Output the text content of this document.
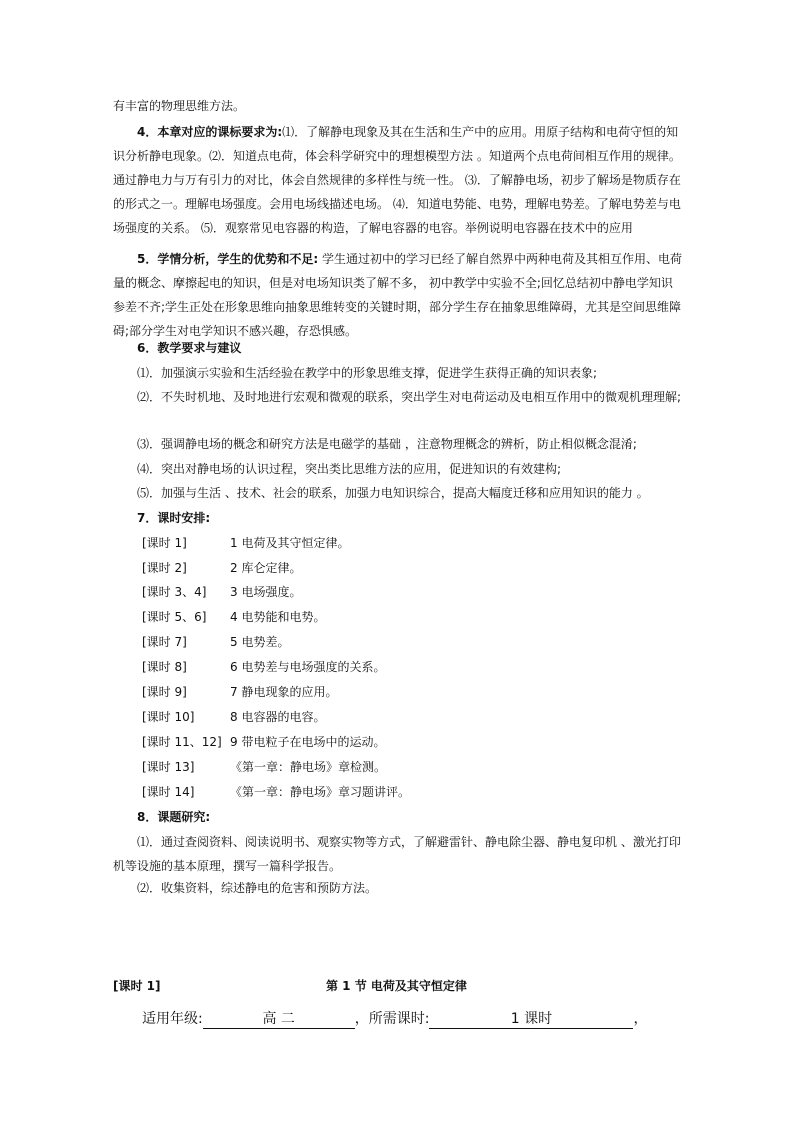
有丰富的物理思维方法。
4．本章对应的课标要求为:⑴．了解静电现象及其在生活和生产中的应用。用原子结构和电荷守恒的知识分析静电现象。⑵．知道点电荷，体会科学研究中的理想模型方法 。知道两个点电荷间相互作用的规律。通过静电力与万有引力的对比，体会自然规律的多样性与统一性。 ⑶．了解静电场，初步了解场是物质存在的形式之一。理解电场强度。会用电场线描述电场。 ⑷．知道电势能、电势，理解电势差。了解电势差与电场强度的关系。 ⑸．观察常见电容器的构造，了解电容器的电容。举例说明电容器在技术中的应用
5．学情分析，学生的优势和不足: 学生通过初中的学习已经了解自然界中两种电荷及其相互作用、电荷量的概念、摩擦起电的知识，但是对电场知识类了解不多， 初中教学中实验不全;回忆总结初中静电学知识参差不齐;学生正处在形象思维向抽象思维转变的关键时期，部分学生存在抽象思维障碍，尤其是空间思维障碍;部分学生对电学知识不感兴趣，存恐惧感。
6．教学要求与建议
⑴．加强演示实验和生活经验在教学中的形象思维支撑，促进学生获得正确的知识表象;
⑵．不失时机地、及时地进行宏观和微观的联系，突出学生对电荷运动及电相互作用中的微观机理理解;
⑶．强调静电场的概念和研究方法是电磁学的基础 ，注意物理概念的辨析，防止相似概念混淆;
⑷．突出对静电场的认识过程，突出类比思维方法的应用，促进知识的有效建构;
⑸．加强与生活 、技术、社会的联系，加强力电知识综合，提高大幅度迁移和应用知识的能力 。
7．课时安排:
[课时 1]	1 电荷及其守恒定律。
[课时 2]	2 库仑定律。
[课时 3、4] 3 电场强度。
[课时 5、6] 4 电势能和电势。
[课时 7]	5 电势差。
[课时 8]	6 电势差与电场强度的关系。
[课时 9]	7 静电现象的应用。
[课时 10]	8 电容器的电容。
[课时 11、12] 9 带电粒子在电场中的运动。
[课时 13]	《第一章：静电场》章检测。
[课时 14]	《第一章：静电场》章习题讲评。
8．课题研究:
⑴．通过查阅资料、阅读说明书、观察实物等方式，了解避雷针、静电除尘器、静电复印机 、激光打印机等设施的基本原理，撰写一篇科学报告。
⑵．收集资料，综述静电的危害和预防方法。
[课时 1]	第 1 节 电荷及其守恒定律
适用年级:	高 二	，所需课时:	1 课时	，
